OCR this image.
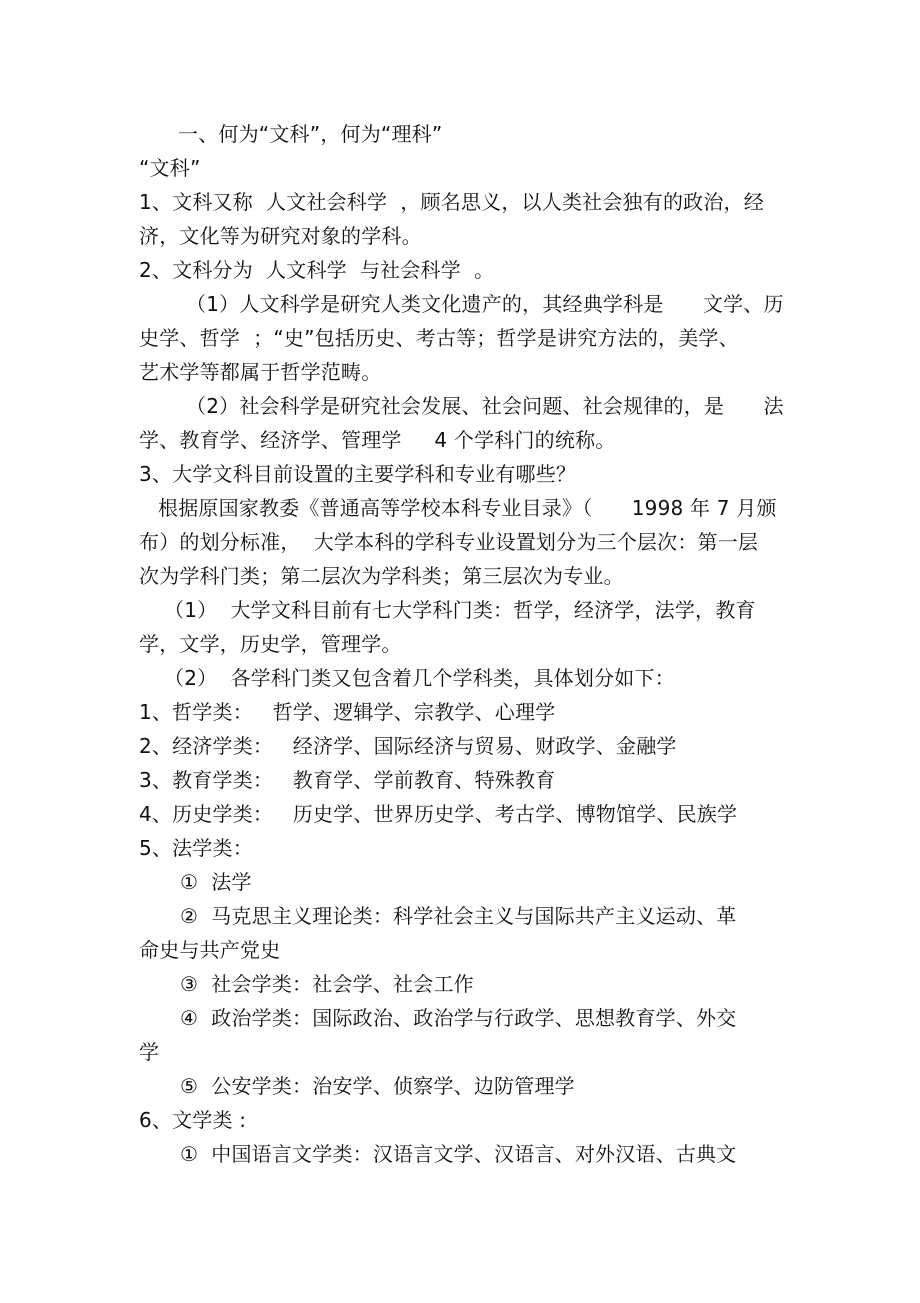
一、何为“文科”，何为“理科”
“文科”
1、文科又称  人文社会科学  ，顾名思义，以人类社会独有的政治，经
济，文化等为研究对象的学科。
2、文科分为  人文科学  与社会科学  。
（1）人文科学是研究人类文化遗产的，其经典学科是      文学、历
史学、哲学  ；“史”包括历史、考古等；哲学是讲究方法的，美学、
艺术学等都属于哲学范畴。
（2）社会科学是研究社会发展、社会问题、社会规律的，是      法
学、教育学、经济学、管理学     4 个学科门的统称。
3、大学文科目前设置的主要学科和专业有哪些？
根据原国家教委《普通高等学校本科专业目录》（      1998 年 7 月颁
布）的划分标准，  大学本科的学科专业设置划分为三个层次：第一层
次为学科门类；第二层次为学科类；第三层次为专业。
（1）  大学文科目前有七大学科门类：哲学，经济学，法学，教育
学，文学，历史学，管理学。
（2）  各学科门类又包含着几个学科类，具体划分如下：
1、哲学类：   哲学、逻辑学、宗教学、心理学
2、经济学类：   经济学、国际经济与贸易、财政学、金融学
3、教育学类：   教育学、学前教育、特殊教育
4、历史学类：   历史学、世界历史学、考古学、博物馆学、民族学
5、法学类：
①  法学
②  马克思主义理论类：科学社会主义与国际共产主义运动、革
命史与共产党史
③  社会学类：社会学、社会工作
④  政治学类：国际政治、政治学与行政学、思想教育学、外交
学
⑤  公安学类：治安学、侦察学、边防管理学
6、文学类 :
①  中国语言文学类：汉语言文学、汉语言、对外汉语、古典文
